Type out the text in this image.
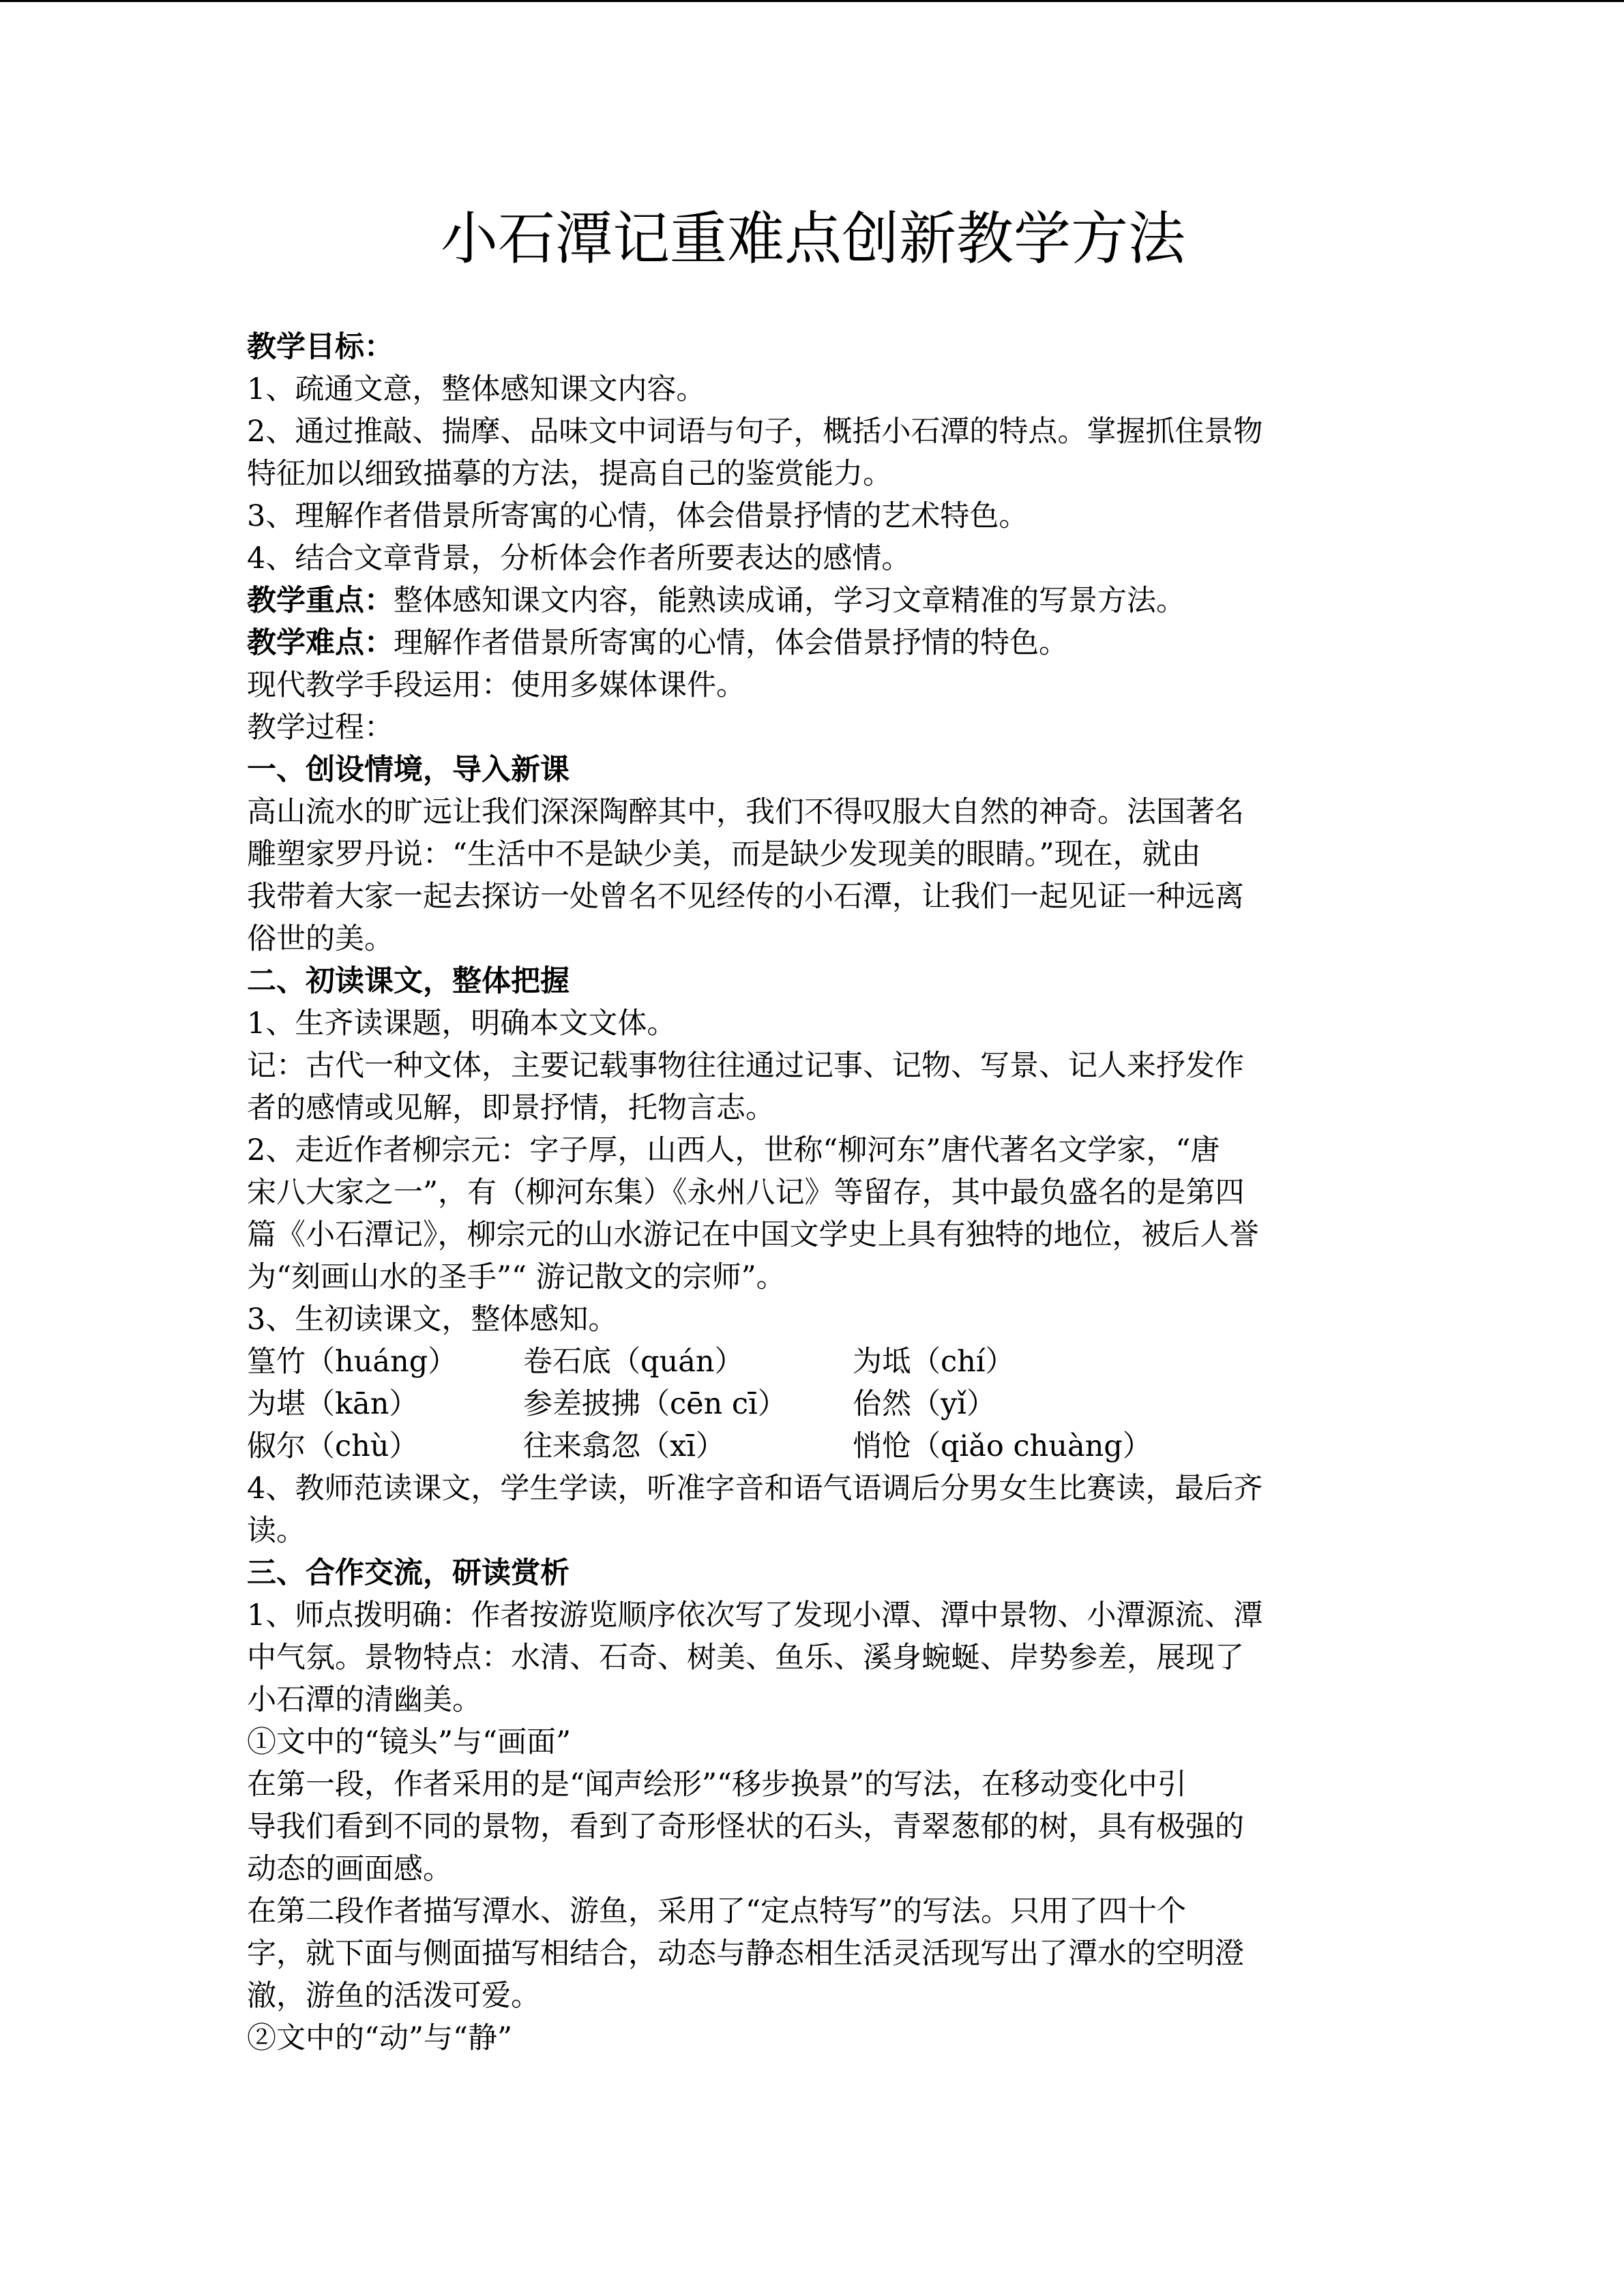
小石潭记重难点创新教学方法
教学目标：
1、疏通文意，整体感知课文内容。
2、通过推敲、揣摩、品味文中词语与句子，概括小石潭的特点。掌握抓住景物
特征加以细致描摹的方法，提高自己的鉴赏能力。
3、理解作者借景所寄寓的心情，体会借景抒情的艺术特色。
4、结合文章背景，分析体会作者所要表达的感情。
教学重点：整体感知课文内容，能熟读成诵，学习文章精准的写景方法。
教学难点：理解作者借景所寄寓的心情，体会借景抒情的特色。
现代教学手段运用：使用多媒体课件。
教学过程：
一、创设情境，导入新课
高山流水的旷远让我们深深陶醉其中，我们不得叹服大自然的神奇。法国著名
雕塑家罗丹说：“生活中不是缺少美，而是缺少发现美的眼睛。”现在，就由
我带着大家一起去探访一处曾名不见经传的小石潭，让我们一起见证一种远离
俗世的美。
二、初读课文，整体把握
1、生齐读课题，明确本文文体。
记：古代一种文体，主要记载事物往往通过记事、记物、写景、记人来抒发作
者的感情或见解，即景抒情，托物言志。
2、走近作者柳宗元：字子厚，山西人，世称“柳河东”唐代著名文学家，“唐
宋八大家之一”，有（柳河东集）《永州八记》等留存，其中最负盛名的是第四
篇《小石潭记》，柳宗元的山水游记在中国文学史上具有独特的地位，被后人誉
为“刻画山水的圣手”“ 游记散文的宗师”。
3、生初读课文，整体感知。
篁竹（huáng） 卷石底（quán）	为坻（chí）
为堪（kān）	参差披拂（cēn cī） 佁然（yǐ）
俶尔（chù）	往来翕忽（xī）	悄怆（qiǎo chuàng）
4、教师范读课文，学生学读，听准字音和语气语调后分男女生比赛读，最后齐
读。
三、合作交流，研读赏析
1、师点拨明确：作者按游览顺序依次写了发现小潭、潭中景物、小潭源流、潭
中气氛。景物特点：水清、石奇、树美、鱼乐、溪身蜿蜒、岸势参差，展现了
小石潭的清幽美。
①文中的“镜头”与“画面”
在第一段，作者采用的是“闻声绘形”“移步换景”的写法，在移动变化中引
导我们看到不同的景物，看到了奇形怪状的石头，青翠葱郁的树，具有极强的
动态的画面感。
在第二段作者描写潭水、游鱼，采用了“定点特写”的写法。只用了四十个
字，就下面与侧面描写相结合，动态与静态相生活灵活现写出了潭水的空明澄
澈，游鱼的活泼可爱。
②文中的“动”与“静”
